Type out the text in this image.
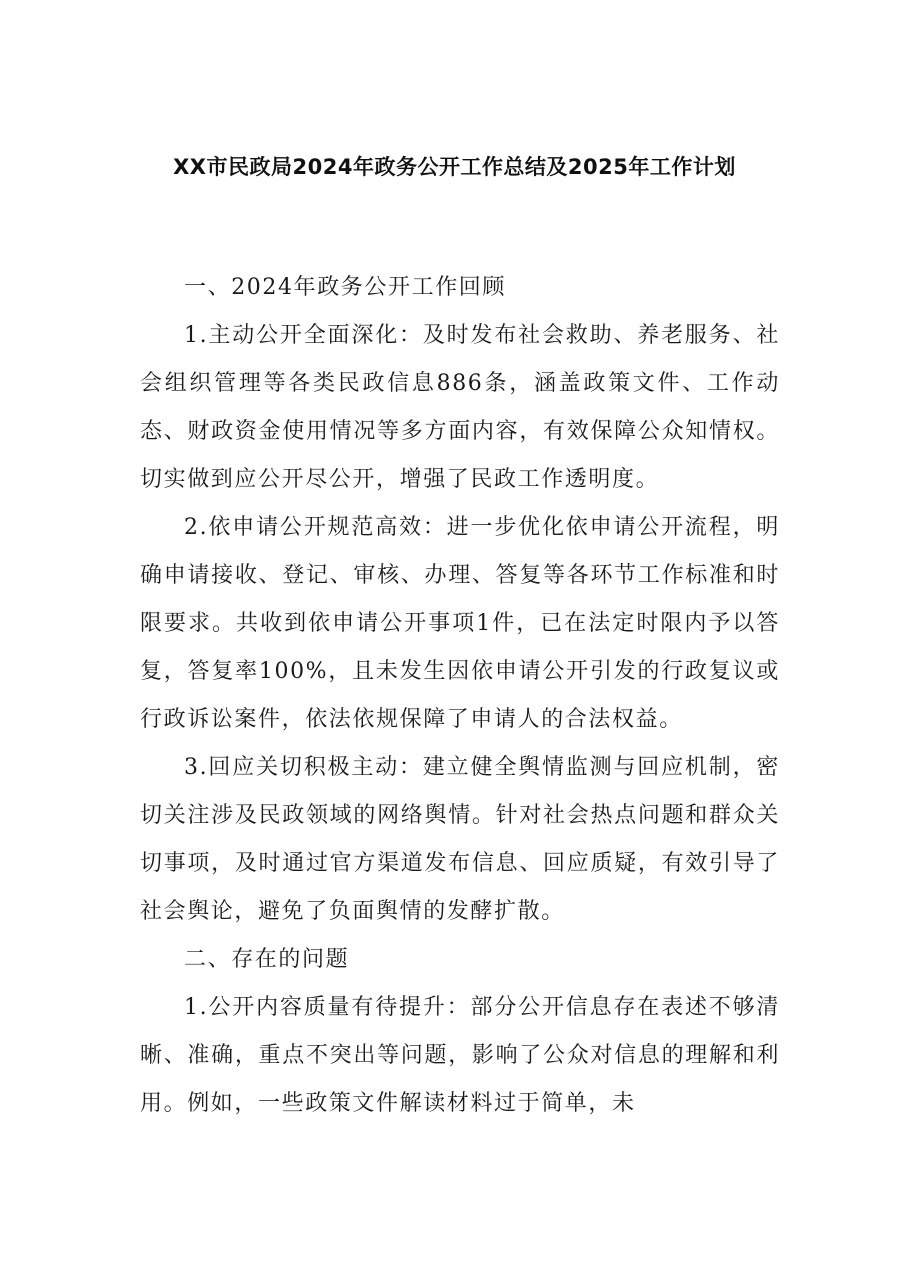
XX市民政局2024年政务公开工作总结及2025年工作计划

一、2024年政务公开工作回顾

1.主动公开全面深化：及时发布社会救助、养老服务、社会组织管理等各类民政信息886条，涵盖政策文件、工作动态、财政资金使用情况等多方面内容，有效保障公众知情权。切实做到应公开尽公开，增强了民政工作透明度。

2.依申请公开规范高效：进一步优化依申请公开流程，明确申请接收、登记、审核、办理、答复等各环节工作标准和时限要求。共收到依申请公开事项1件，已在法定时限内予以答复，答复率100%，且未发生因依申请公开引发的行政复议或行政诉讼案件，依法依规保障了申请人的合法权益。

3.回应关切积极主动：建立健全舆情监测与回应机制，密切关注涉及民政领域的网络舆情。针对社会热点问题和群众关切事项，及时通过官方渠道发布信息、回应质疑，有效引导了社会舆论，避免了负面舆情的发酵扩散。

二、存在的问题

1.公开内容质量有待提升：部分公开信息存在表述不够清晰、准确，重点不突出等问题，影响了公众对信息的理解和利用。例如，一些政策文件解读材料过于简单，未
